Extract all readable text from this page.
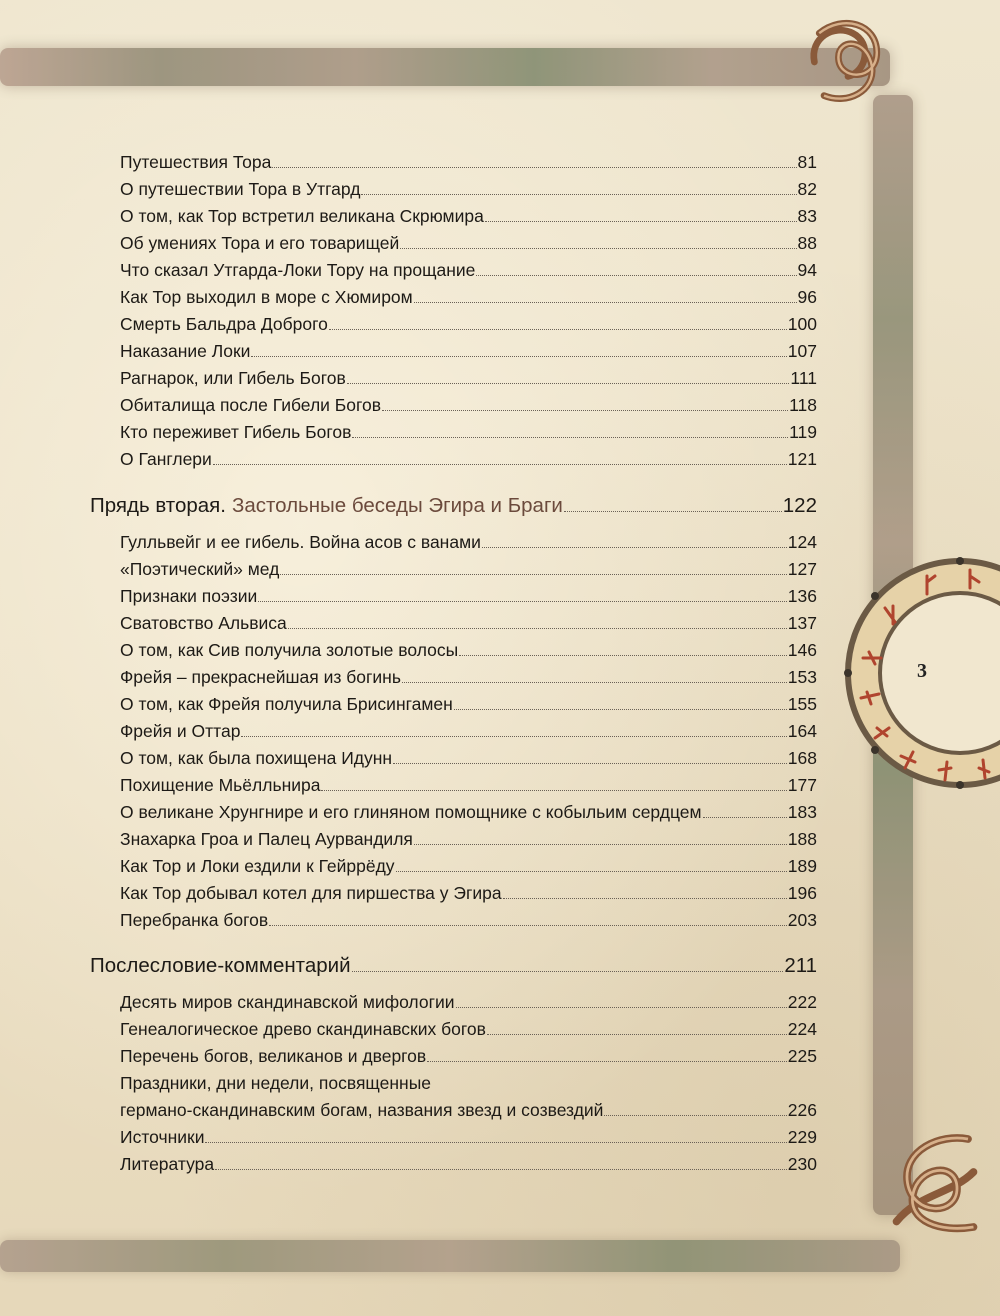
3
Путешествия Тора	81
О путешествии Тора в Утгард	82
О том, как Тор встретил великана Скрюмира	83
Об умениях Тора и его товарищей	88
Что сказал Утгарда-Локи Тору на прощание	94
Как Тор выходил в море с Хюмиром	96
Смерть Бальдра Доброго	100
Наказание Локи	107
Рагнарок, или Гибель Богов	111
Обиталища после Гибели Богов	118
Кто переживет Гибель Богов	119
О Ганглери	121
Прядь вторая. Застольные беседы Эгира и Браги	122
Гулльвейг и ее гибель. Война асов с ванами	124
«Поэтический» мед	127
Признаки поэзии	136
Сватовство Альвиса	137
О том, как Сив получила золотые волосы	146
Фрейя – прекраснейшая из богинь	153
О том, как Фрейя получила Брисингамен	155
Фрейя и Оттар	164
О том, как была похищена Идунн	168
Похищение Мьёлльнира	177
О великане Хрунгнире и его глиняном помощнике с кобыльим сердцем	183
Знахарка Гроа и Палец Аурвандиля	188
Как Тор и Локи ездили к Гейррёду	189
Как Тор добывал котел для пиршества у Эгира	196
Перебранка богов	203
Послесловие-комментарий	211
Десять миров скандинавской мифологии	222
Генеалогическое древо скандинавских богов	224
Перечень богов, великанов и двергов	225
Праздники, дни недели, посвященные
германо-скандинавским богам, названия звезд и созвездий	226
Источники	229
Литература	230
